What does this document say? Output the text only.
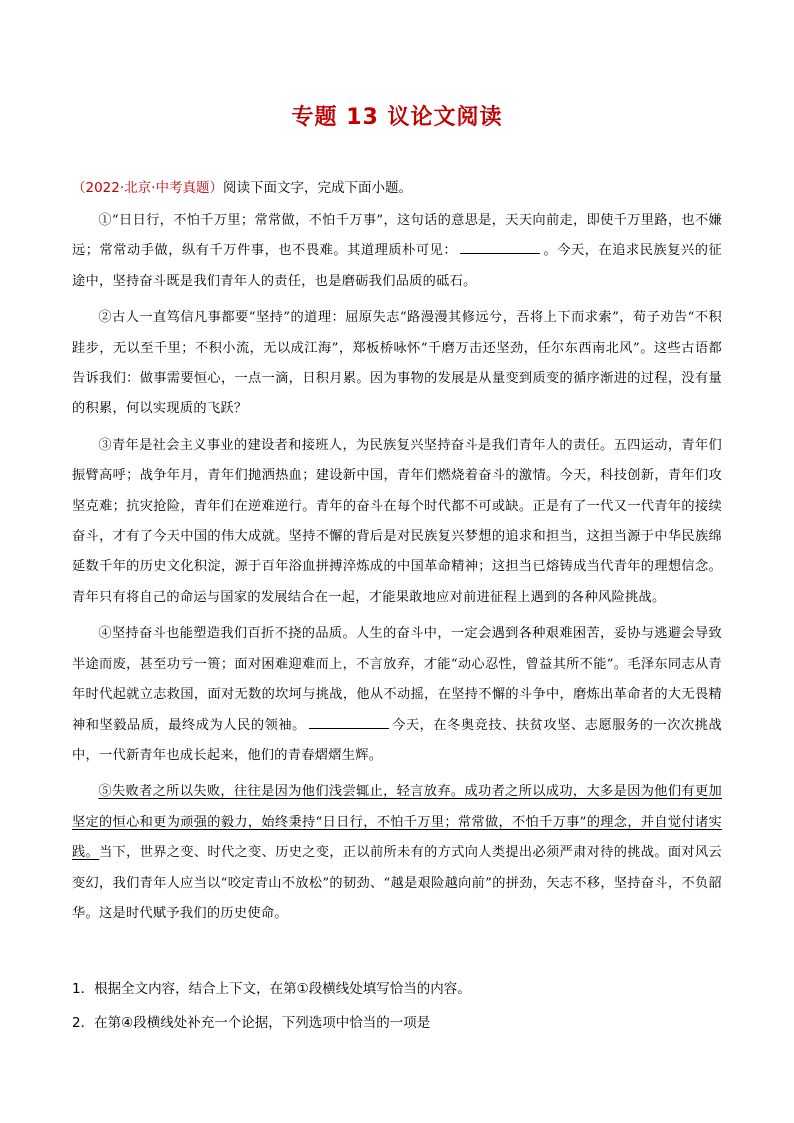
专题 13 议论文阅读
（2022·北京·中考真题）阅读下面文字，完成下面小题。

①“日日行，不怕千万里；常常做，不怕千万事”，这句话的意思是，天天向前走，即使千万里路，也不嫌远；常常动手做，纵有千万件事，也不畏难。其道理质朴可见：	。今天，在追求民族复兴的征途中，坚持奋斗既是我们青年人的责任，也是磨砺我们品质的砥石。

②古人一直笃信凡事都要“坚持”的道理：屈原失志“路漫漫其修远兮，吾将上下而求索”，荀子劝告“不积跬步，无以至千里；不积小流，无以成江海”，郑板桥咏怀“千磨万击还坚劲，任尔东西南北风”。这些古语都告诉我们：做事需要恒心，一点一滴，日积月累。因为事物的发展是从量变到质变的循序渐进的过程，没有量的积累，何以实现质的飞跃？

③青年是社会主义事业的建设者和接班人，为民族复兴坚持奋斗是我们青年人的责任。五四运动，青年们振臂高呼；战争年月，青年们抛洒热血；建设新中国，青年们燃烧着奋斗的激情。今天，科技创新，青年们攻坚克难；抗灾抢险，青年们在逆难逆行。青年的奋斗在每个时代都不可或缺。正是有了一代又一代青年的接续奋斗，才有了今天中国的伟大成就。坚持不懈的背后是对民族复兴梦想的追求和担当，这担当源于中华民族绵延数千年的历史文化积淀，源于百年浴血拼搏淬炼成的中国革命精神；这担当已熔铸成当代青年的理想信念。青年只有将自己的命运与国家的发展结合在一起，才能果敢地应对前进征程上遇到的各种风险挑战。

④坚持奋斗也能塑造我们百折不挠的品质。人生的奋斗中，一定会遇到各种艰难困苦，妥协与逃避会导致半途而废，甚至功亏一篑；面对困难迎难而上，不言放弃，才能“动心忍性，曾益其所不能”。毛泽东同志从青年时代起就立志救国，面对无数的坎坷与挑战，他从不动摇，在坚持不懈的斗争中，磨炼出革命者的大无畏精神和坚毅品质，最终成为人民的领袖。	今天，在冬奥竞技、扶贫攻坚、志愿服务的一次次挑战中，一代新青年也成长起来，他们的青春熠熠生辉。

⑤失败者之所以失败，往往是因为他们浅尝辄止，轻言放弃。成功者之所以成功，大多是因为他们有更加坚定的恒心和更为顽强的毅力，始终秉持“日日行，不怕千万里；常常做，不怕千万事”的理念，并自觉付诸实践。当下，世界之变、时代之变、历史之变，正以前所未有的方式向人类提出必须严肃对待的挑战。面对风云变幻，我们青年人应当以“咬定青山不放松”的韧劲、“越是艰险越向前”的拼劲，矢志不移，坚持奋斗，不负韶华。这是时代赋予我们的历史使命。

1．根据全文内容，结合上下文，在第①段横线处填写恰当的内容。

2．在第④段横线处补充一个论据，下列选项中恰当的一项是
